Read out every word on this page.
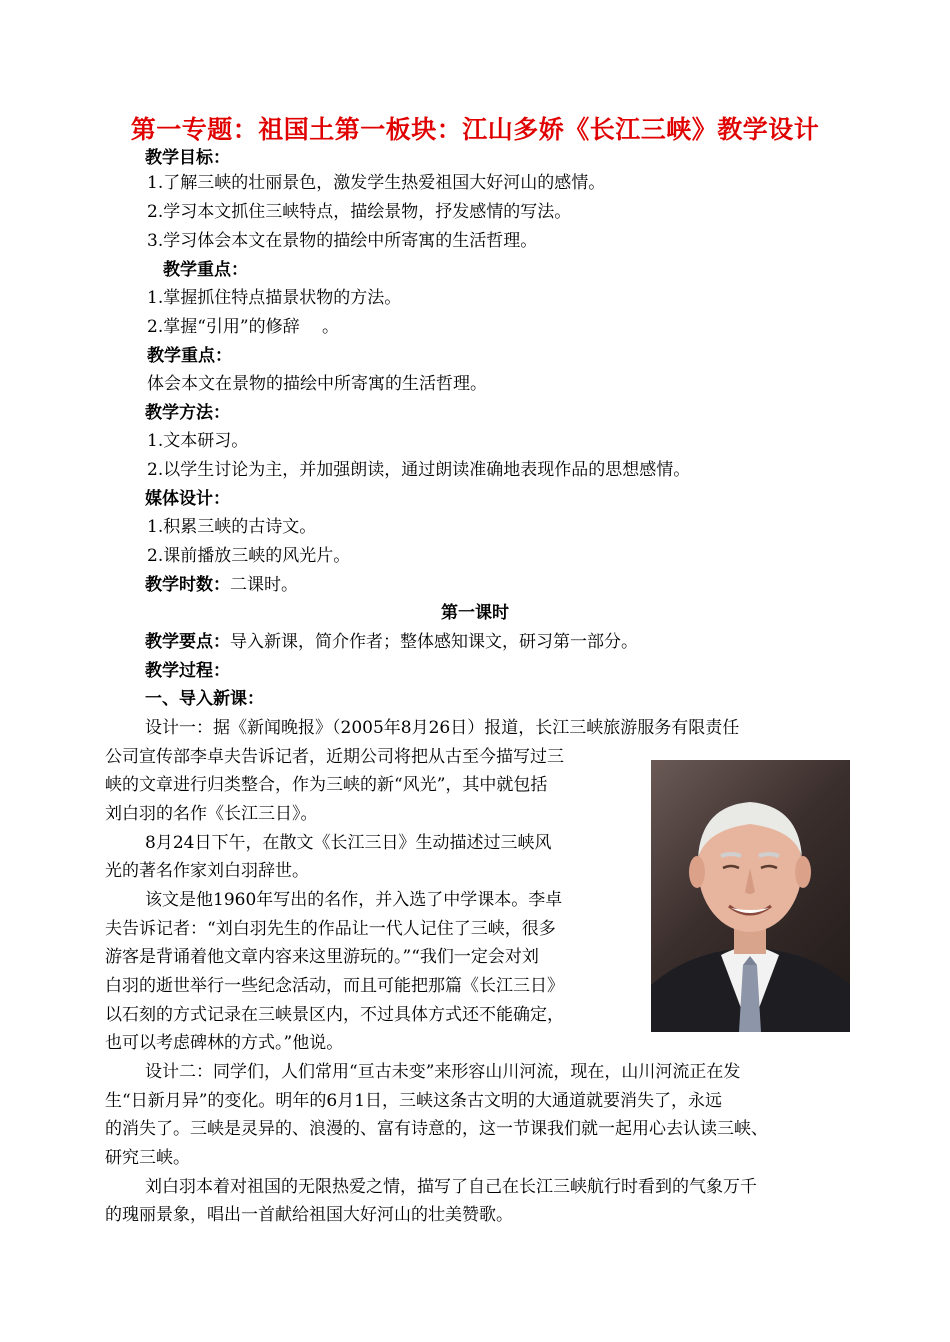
第一专题：祖国土第一板块：江山多娇《长江三峡》教学设计
教学目标：
1.了解三峡的壮丽景色，激发学生热爱祖国大好河山的感情。
2.学习本文抓住三峡特点，描绘景物，抒发感情的写法。
3.学习体会本文在景物的描绘中所寄寓的生活哲理。
教学重点：
1.掌握抓住特点描景状物的方法。
2.掌握“引用”的修辞　 。
教学重点：
体会本文在景物的描绘中所寄寓的生活哲理。
教学方法：
1.文本研习。
2.以学生讨论为主，并加强朗读，通过朗读准确地表现作品的思想感情。
媒体设计：
1.积累三峡的古诗文。
2.课前播放三峡的风光片。
教学时数：二课时。
第一课时
教学要点：导入新课，简介作者；整体感知课文，研习第一部分。
教学过程：
一、导入新课：
设计一：据《新闻晚报》（2005年8月26日）报道，长江三峡旅游服务有限责任
公司宣传部李卓夫告诉记者，近期公司将把从古至今描写过三
峡的文章进行归类整合，作为三峡的新“风光”，其中就包括
刘白羽的名作《长江三日》。
8月24日下午，在散文《长江三日》生动描述过三峡风
光的著名作家刘白羽辞世。
该文是他1960年写出的名作，并入选了中学课本。李卓
夫告诉记者：“刘白羽先生的作品让一代人记住了三峡，很多
游客是背诵着他文章内容来这里游玩的。”“我们一定会对刘
白羽的逝世举行一些纪念活动，而且可能把那篇《长江三日》
以石刻的方式记录在三峡景区内，不过具体方式还不能确定，
也可以考虑碑林的方式。”他说。
设计二：同学们，人们常用“亘古未变”来形容山川河流，现在，山川河流正在发
生“日新月异”的变化。明年的6月1日，三峡这条古文明的大通道就要消失了，永远
的消失了。三峡是灵异的、浪漫的、富有诗意的，这一节课我们就一起用心去认读三峡、
研究三峡。
刘白羽本着对祖国的无限热爱之情，描写了自己在长江三峡航行时看到的气象万千
的瑰丽景象，唱出一首献给祖国大好河山的壮美赞歌。
